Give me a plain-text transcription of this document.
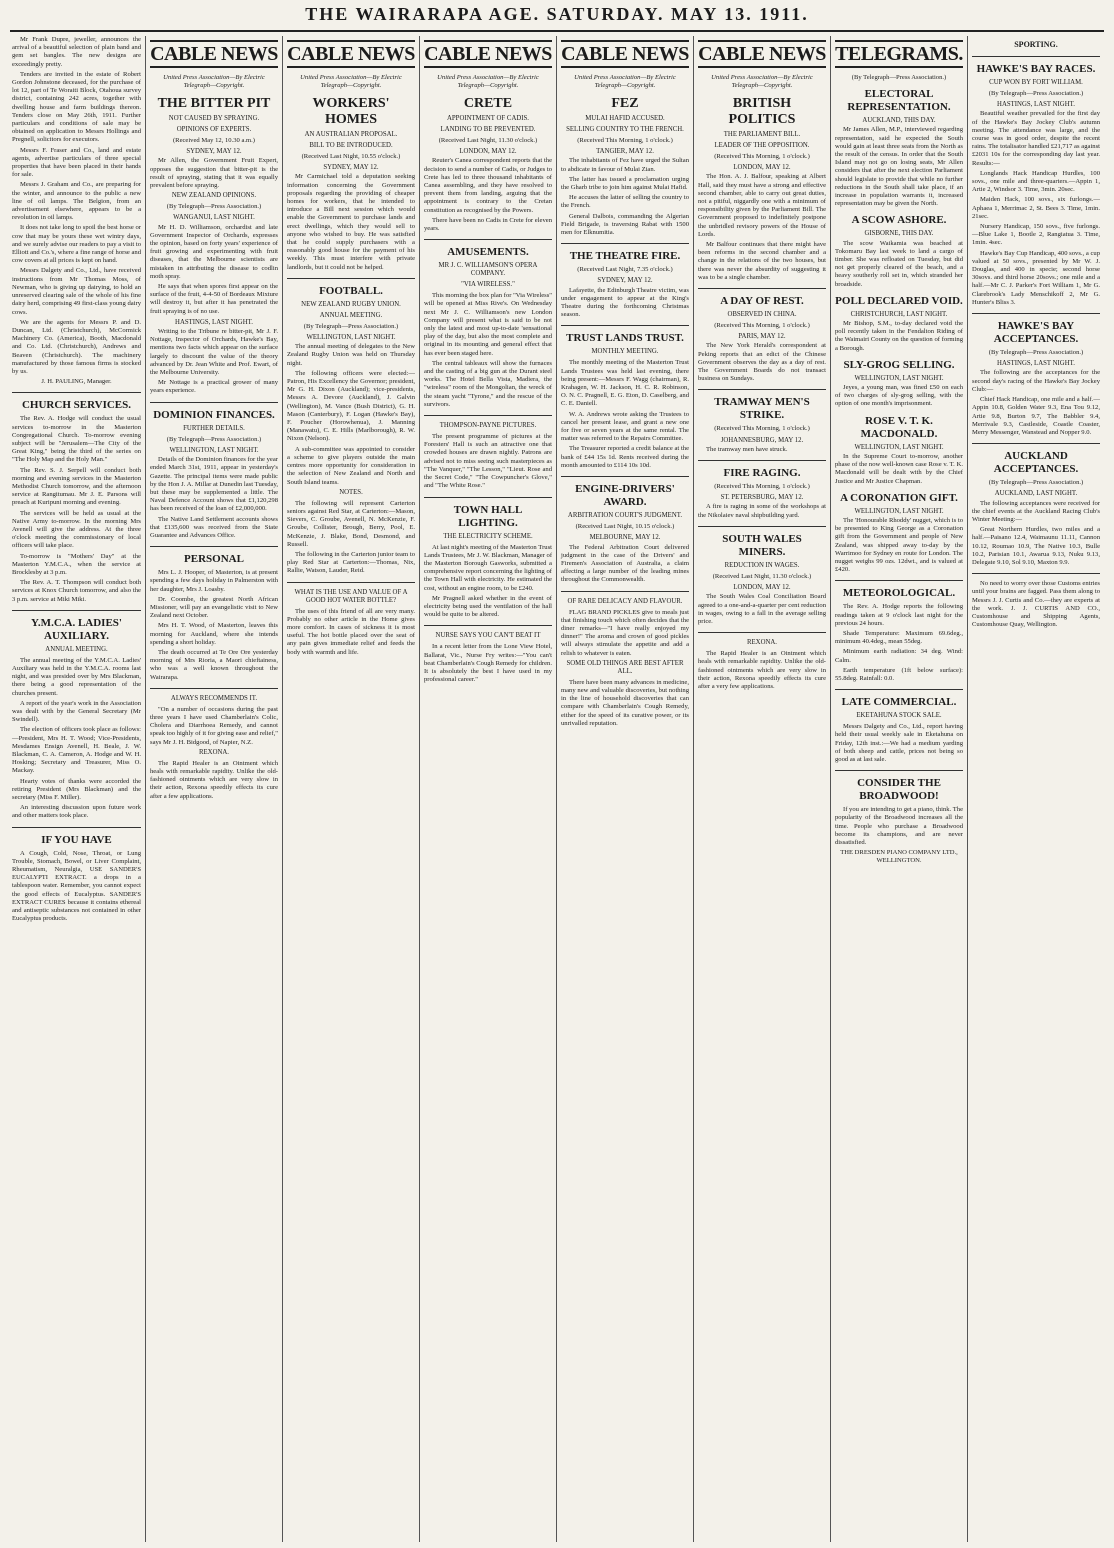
THE WAIRARAPA AGE. SATURDAY. MAY 13. 1911.

Mr Frank Dupre, jeweller, announces the arrival of a beautiful selection of plain band and gem set bangles. The new designs are exceedingly pretty.

Tenders are invited in the estate of Robert Gordon Johnstone deceased, for the purchase of lot 12, part of Te Woraiti Block, Otahoua survey district, containing 242 acres, together with dwelling house and farm buildings thereon. Tenders close on May 26th, 1911. Further particulars and conditions of sale may be obtained on application to Messrs Hollings and Pregnell, solicitors for executors.

Messrs F. Fraser and Co., land and estate agents, advertise particulars of three special properties that have been placed in their hands for sale.

Messrs J. Graham and Co., are preparing for the winter, and announce to the public a new line of oil lamps. The Belgion, from an advertisement elsewhere, appears to be a revolution in oil lamps.

It does not take long to spoil the best horse or cow that may be yours these wet wintry days, and we surely advise our readers to pay a visit to Elliott and Co.'s, where a fine range of horse and cow covers at all prices is kept on hand.

Messrs Dalgety and Co., Ltd., have received instructions from Mr Thomas Moss, of Newman, who is giving up dairying, to hold an unreserved clearing sale of the whole of his fine dairy herd, comprising 49 first-class young dairy cows.

We are the agents for Messrs P. and D. Duncan, Ltd. (Christchurch), McCormick Machinery Co. (America), Booth, Macdonald and Co. Ltd. (Christchurch), Andrews and Beaven (Christchurch). The machinery manufactured by those famous firms is stocked by us.

J. H. PAULING, Manager.
CHURCH SERVICES.

The Rev. A. Hodge will conduct the usual services to-morrow in the Masterton Congregational Church. To-morrow evening subject will be "Jerusalem—The City of the Great King," being the third of the series on "The Holy Map and the Holy Man."

The Rev. S. J. Serpell will conduct both morning and evening services in the Masterton Methodist Church tomorrow, and the afternoon service at Rangitumau. Mr J. E. Parsons will preach at Kuripuni morning and evening.

The services will be held as usual at the Native Army to-morrow. In the morning Mrs Avenell will give the address. At the three o'clock meeting the commissionary of local officers will take place.

To-morrow is "Mothers' Day" at the Masterton Y.M.C.A., when the service at Brocklesby at 3 p.m.

The Rev. A. T. Thompson will conduct both services at Knox Church tomorrow, and also the 3 p.m. service at Miki Miki.

Y.M.C.A. LADIES' AUXILIARY.
ANNUAL MEETING.

The annual meeting of the Y.M.C.A. Ladies' Auxiliary was held in the Y.M.C.A. rooms last night, and was presided over by Mrs Blackman, there being a good representation of the churches present.

A report of the year's work in the Association was dealt with by the General Secretary (Mr Swindell).

The election of officers took place as follows:—President, Mrs H. T. Wood; Vice-Presidents, Mesdames Ensign Avenell, H. Beale, J. W. Blackman, C. A. Cameron, A. Hodge and W. H. Hosking; Secretary and Treasurer, Miss O. Mackay.

Hearty votes of thanks were accorded the retiring President (Mrs Blackman) and the secretary (Miss F. Miller).

An interesting discussion upon future work and other matters took place.

IF YOU HAVE

A Cough, Cold, Nose, Throat, or Lung Trouble, Stomach, Bowel, or Liver Complaint, Rheumatism, Neuralgia, USE SANDER'S EUCALYPTI EXTRACT. a drops in a tablespoon water. Remember, you cannot expect the good effects of Eucalyptus. SANDER'S EXTRACT CURES because it contains ethereal and antiseptic substances not contained in other Eucalyptus products.

CABLE NEWS
United Press Association—By Electric Telegraph—Copyright.
THE BITTER PIT
NOT CAUSED BY SPRAYING.
OPINIONS OF EXPERTS.
(Received May 12, 10.30 a.m.)
SYDNEY, MAY 12.

Mr Allen, the Government Fruit Expert, opposes the suggestion that bitter-pit is the result of spraying, stating that it was equally prevalent before spraying.

NEW ZEALAND OPINIONS.
(By Telegraph—Press Association.)
WANGANUI, LAST NIGHT.

Mr H. D. Williamson, orchardist and late Government Inspector of Orchards, expresses the opinion, based on forty years' experience of fruit growing and experimenting with fruit diseases, that the Melbourne scientists are mistaken in attributing the disease to codlin moth spray.

He says that when spores first appear on the surface of the fruit, 4-4-50 of Bordeaux Mixture will destroy it, but after it has penetrated the fruit spraying is of no use.

HASTINGS, LAST NIGHT.

Writing to the Tribune re bitter-pit, Mr J. F. Nottage, Inspector of Orchards, Hawke's Bay, mentions two facts which appear on the surface largely to discount the value of the theory advanced by Dr. Jean White and Prof. Ewart, of the Melbourne University.

Mr Nottage is a practical grower of many years experience.

DOMINION FINANCES.
FURTHER DETAILS.
(By Telegraph—Press Association.)
WELLINGTON, LAST NIGHT.

Details of the Dominion finances for the year ended March 31st, 1911, appear in yesterday's Gazette. The principal items were made public by the Hon J. A. Millar at Dunedin last Tuesday, but these may be supplemented a little. The Naval Defence Account shows that £1,120,298 has been received of the loan of £2,000,000.

The Native Land Settlement accounts shows that £135,600 was received from the State Guarantee and Advances Office.

PERSONAL

Mrs L. J. Hooper, of Masterton, is at present spending a few days holiday in Palmerston with her daughter, Mrs J. Loasby.

Dr. Coombe, the greatest North African Missioner, will pay an evangelistic visit to New Zealand next October.

Mrs H. T. Wood, of Masterton, leaves this morning for Auckland, where she intends spending a short holiday.

The death occurred at Te Ore Ore yesterday morning of Mrs Rioria, a Maori chieftainess, who was a well known throughout the Wairarapa.

ALWAYS RECOMMENDS IT.

"On a number of occasions during the past three years I have used Chamberlain's Colic, Cholera and Diarrhoea Remedy, and cannot speak too highly of it for giving ease and relief," says Mr J. H. Bidgood, of Napier, N.Z.

REXONA.

The Rapid Healer is an Ointment which heals with remarkable rapidity. Unlike the old-fashioned ointments which are very slow in their action, Rexona speedily effects its cure after a few applications.

CABLE NEWS
United Press Association—By Electric Telegraph—Copyright.
WORKERS' HOMES
AN AUSTRALIAN PROPOSAL.
BILL TO BE INTRODUCED.
(Received Last Night, 10.55 o'clock.)
SYDNEY, MAY 12.

Mr Carmichael told a deputation seeking information concerning the Government proposals regarding the providing of cheaper homes for workers, that he intended to introduce a Bill next session which would enable the Government to purchase lands and erect dwellings, which they would sell to anyone who wished to buy. He was satisfied that he could supply purchasers with a reasonably good house for the payment of his weekly. This must interfere with private landlords, but it could not be helped.

FOOTBALL.
NEW ZEALAND RUGBY UNION.
ANNUAL MEETING.
(By Telegraph—Press Association.)
WELLINGTON, LAST NIGHT.

The annual meeting of delegates to the New Zealand Rugby Union was held on Thursday night.

The following officers were elected:—Patron, His Excellency the Governor; president, Mr G. H. Dixon (Auckland); vice-presidents, Messrs A. Devore (Auckland), J. Galvin (Wellington), M. Vance (Bush District), G. H. Mason (Canterbury), F. Logan (Hawke's Bay), F. Poucher (Horowhenua), J. Manning (Manawatu), C. E. Hills (Marlborough), R. W. Nixon (Nelson).

A sub-committee was appointed to consider a scheme to give players outside the main centres more opportunity for consideration in the selection of New Zealand and North and South Island teams.

NOTES.

The following will represent Carterton seniors against Red Star, at Carterton:—Mason, Sievers, C. Groube, Avenell, N. McKenzie, F. Groube, Collister, Brough, Berry, Pool, E. McKenzie, J. Blake, Bond, Desmond, and Russell.

The following in the Carterton junior team to play Red Star at Carterton:—Thomas, Nix, Rallie, Watson, Lauder, Reid.

WHAT IS THE USE AND VALUE OF A GOOD HOT WATER BOTTLE?

The uses of this friend of all are very many. Probably no other article in the Home gives more comfort. In cases of sickness it is most useful. The hot bottle placed over the seat of any pain gives immediate relief and feeds the body with warmth and life.

CABLE NEWS
United Press Association—By Electric Telegraph—Copyright.
CRETE
APPOINTMENT OF CADIS.
LANDING TO BE PREVENTED.
(Received Last Night, 11.30 o'clock.)
LONDON, MAY 12.

Reuter's Canea correspondent reports that the decision to send a number of Cadis, or Judges to Crete has led to three thousand inhabitants of Canea assembling, and they have resolved to prevent them from landing, arguing that the appointment is contrary to the Cretan constitution as recognised by the Powers.

There have been no Cadis in Crete for eleven years.

AMUSEMENTS.
MR J. C. WILLIAMSON'S OPERA COMPANY.
"VIA WIRELESS."

This morning the box plan for "Via Wireless" will be opened at Miss Rive's. On Wednesday next Mr J. C. Williamson's new London Company will present what is said to be not only the latest and most up-to-date 'sensational play of the day, but also the most complete and original in its mounting and general effect that has ever been staged here.

The central tableaux will show the furnaces and the casting of a big gun at the Durant steel works. The Hotel Bella Vista, Madiera, the "wireless" room of the Mongolian, the wreck of the steam yacht "Tyrone," and the rescue of the survivors.

THOMPSON-PAYNE PICTURES.

The present programme of pictures at the Foresters' Hall is such an attractive one that crowded houses are drawn nightly. Patrons are advised not to miss seeing such masterpieces as "The Vanquer," "The Lesson," "Lieut. Rose and the Secret Code," "The Cowpuncher's Glove," and "The White Rose."

TOWN HALL LIGHTING.
THE ELECTRICITY SCHEME.

At last night's meeting of the Masterton Trust Lands Trustees, Mr J. W. Blackman, Manager of the Masterton Borough Gasworks, submitted a comprehensive report concerning the lighting of the Town Hall with electricity. He estimated the cost, without an engine room, to be £240.

Mr Pragnell asked whether in the event of electricity being used the ventilation of the hall would be quite to be altered.

NURSE SAYS YOU CAN'T BEAT IT

In a recent letter from the Lone View Hotel, Ballarat, Vic., Nurse Fry writes:—"You can't beat Chamberlain's Cough Remedy for children. It is absolutely the best I have used in my professional career."

CABLE NEWS
United Press Association—By Electric Telegraph—Copyright.
FEZ
MULAI HAFID ACCUSED.
SELLING COUNTRY TO THE FRENCH.
(Received This Morning, 1 o'clock.)
TANGIER, MAY 12.

The inhabitants of Fez have urged the Sultan to abdicate in favour of Mulai Zian.

The latter has issued a proclamation urging the Gharb tribe to join him against Mulai Hafid.

He accuses the latter of selling the country to the French.

General Dalbois, commanding the Algerian Field Brigade, is traversing Rabat with 1500 men for Elknumitia.

THE THEATRE FIRE.
(Received Last Night, 7.35 o'clock.)
SYDNEY, MAY 12.

Lafayette, the Edinburgh Theatre victim, was under engagement to appear at the King's Theatre during the forthcoming Christmas season.

TRUST LANDS TRUST.
MONTHLY MEETING.

The monthly meeting of the Masterton Trust Lands Trustees was held last evening, there being present:—Messrs F. Wagg (chairman), R. Krahagen, W. H. Jackson, H. C. R. Robinson, O. N. C. Pragnell, E. G. Eton, D. Caselberg, and C. E. Daniell.

W. A. Andrews wrote asking the Trustees to cancel her present lease, and grant a new one for five or seven years at the same rental. The matter was referred to the Repairs Committee.

The Treasurer reported a credit balance at the bank of £44 15s 1d. Rents received during the month amounted to £114 10s 10d.

ENGINE-DRIVERS' AWARD.
ARBITRATION COURT'S JUDGMENT.
(Received Last Night, 10.15 o'clock.)
MELBOURNE, MAY 12.

The Federal Arbitration Court delivered judgment in the case of the Drivers' and Firemen's Association of Australia, a claim affecting a large number of the leading mines throughout the Commonwealth.

OF RARE DELICACY AND FLAVOUR.

FLAG BRAND PICKLES give to meals just that finishing touch which often decides that the diner remarks—"I have really enjoyed my dinner!" The aroma and crown of good pickles will always stimulate the appetite and add a relish to whatever is eaten.

SOME OLD THINGS ARE BEST AFTER ALL.

There have been many advances in medicine, many new and valuable discoveries, but nothing in the line of household discoveries that can compare with Chamberlain's Cough Remedy, either for the speed of its curative power, or its unrivalled reputation.

CABLE NEWS
United Press Association—By Electric Telegraph—Copyright.
BRITISH POLITICS
THE PARLIAMENT BILL.
LEADER OF THE OPPOSITION.
(Received This Morning, 1 o'clock.)
LONDON, MAY 12.

The Hon. A. J. Balfour, speaking at Albert Hall, said they must have a strong and effective second chamber, able to carry out great duties, not a pitiful, niggardly one with a minimum of responsibility given by the Parliament Bill. The Government proposed to indefinitely postpone the unbridled revisory powers of the House of Lords.

Mr Balfour continues that there might have been reforms in the second chamber and a change in the relations of the two houses, but there was never the absurdity of suggesting it was to be a single chamber.

A DAY OF REST.
OBSERVED IN CHINA.
(Received This Morning, 1 o'clock.)
PARIS, MAY 12.

The New York Herald's correspondent at Peking reports that an edict of the Chinese Government observes the day as a day of rest. The Government Boards do not transact business on Sundays.

TRAMWAY MEN'S STRIKE.
(Received This Morning, 1 o'clock.)
JOHANNESBURG, MAY 12.

The tramway men have struck.

FIRE RAGING.
(Received This Morning, 1 o'clock.)
ST. PETERSBURG, MAY 12.

A fire is raging in some of the workshops at the Nikolaiev naval shipbuilding yard.

SOUTH WALES MINERS.
REDUCTION IN WAGES.
(Received Last Night, 11.30 o'clock.)
LONDON, MAY 12.

The South Wales Coal Conciliation Board agreed to a one-and-a-quarter per cent reduction in wages, owing to a fall in the average selling price.

REXONA.

The Rapid Healer is an Ointment which heals with remarkable rapidity. Unlike the old-fashioned ointments which are very slow in their action, Rexona speedily effects its cure after a very few applications.

TELEGRAMS.
(By Telegraph—Press Association.)
ELECTORAL REPRESENTATION.
AUCKLAND, THIS DAY.

Mr James Allen, M.P., interviewed regarding representation, said he expected the South would gain at least three seats from the North as the result of the census. In order that the South Island may not go on losing seats, Mr Allen considers that after the next election Parliament should legislate to provide that while no further reductions in the South shall take place, if an increase in population warrants it, increased representation may be given the North.

A SCOW ASHORE.
GISBORNE, THIS DAY.

The scow Waikamia was beached at Tokomaru Bay last week to land a cargo of timber. She was refloated on Tuesday, but did not get properly cleared of the beach, and a heavy southerly roll set in, which stranded her broadside.

POLL DECLARED VOID.
CHRISTCHURCH, LAST NIGHT.

Mr Bishop, S.M., to-day declared void the poll recently taken in the Fendalton Riding of the Waimairi County on the question of forming a Borough.

SLY-GROG SELLING.
WELLINGTON, LAST NIGHT.

Jeyes, a young man, was fined £50 on each of two charges of sly-grog selling, with the option of one month's imprisonment.

ROSE V. T. K. MACDONALD.
WELLINGTON, LAST NIGHT.

In the Supreme Court to-morrow, another phase of the now well-known case Rose v. T. K. Macdonald will be dealt with by the Chief Justice and Mr Justice Chapman.

A CORONATION GIFT.
WELLINGTON, LAST NIGHT.

The 'Honourable Rhoddy' nugget, which is to be presented to King George as a Coronation gift from the Government and people of New Zealand, was shipped away to-day by the Warrimoo for Sydney en route for London. The nugget weighs 99 ozs. 12dwt., and is valued at £420.

METEOROLOGICAL.

The Rev. A. Hodge reports the following readings taken at 9 o'clock last night for the previous 24 hours.

Shade Temperature: Maximum 69.6deg., minimum 40.4deg., mean 55deg.

Minimum earth radiation: 34 deg. Wind: Calm.

Earth temperature (1ft below surface): 55.8deg. Rainfall: 0.0.

LATE COMMERCIAL.
EKETAHUNA STOCK SALE.

Messrs Dalgety and Co., Ltd., report having held their usual weekly sale in Eketahuna on Friday, 12th inst.:—We had a medium yarding of both sheep and cattle, prices not being so good as at last sale.

CONSIDER THE BROADWOOD!

If you are intending to get a piano, think. The popularity of the Broadwood increases all the time. People who purchase a Broadwood become its champions, and are never dissatisfied.

THE DRESDEN PIANO COMPANY LTD., WELLINGTON.
SPORTING.
HAWKE'S BAY RACES.
CUP WON BY FORT WILLIAM.
(By Telegraph—Press Association.)
HASTINGS, LAST NIGHT.

Beautiful weather prevailed for the first day of the Hawke's Bay Jockey Club's autumn meeting. The attendance was large, and the course was in good order, despite the recent rains. The totalisator handled £21,717 as against £2031 10s for the corresponding day last year. Results:—

Longlands Hack Handicap Hurdles, 100 sovs., one mile and three-quarters.—Appin 1, Artie 2, Windsor 3. Time, 3min. 20sec.

Maiden Hack, 100 sovs., six furlongs.—Aphaea 1, Merrimac 2, St. Bees 3. Time, 1min. 21sec.

Nursery Handicap, 150 sovs., five furlongs.—Blue Lake 1, Bootle 2, Rangiatua 3. Time, 1min. 4sec.

Hawke's Bay Cup Handicap, 400 sovs., a cup valued at 50 sovs., presented by Mr W. J. Douglas, and 400 in specie; second horse 30sovs. and third horse 20sovs.; one mile and a half.—Mr C. J. Parker's Fort William 1, Mr G. Clarebrook's Lady Menschikoff 2, Mr G. Hunter's Bliss 3.

HAWKE'S BAY ACCEPTANCES.
(By Telegraph—Press Association.)
HASTINGS, LAST NIGHT.

The following are the acceptances for the second day's racing of the Hawke's Bay Jockey Club:—

Chief Hack Handicap, one mile and a half.—Appin 10.8, Golden Water 9.3, Ena Tou 9.12, Artie 9.8, Burton 9.7, The Babbler 9.4, Merrivale 9.3, Castleside, Coastle Coaster, Merry Messenger, Wanstead and Nopper 9.0.

AUCKLAND ACCEPTANCES.
(By Telegraph—Press Association.)
AUCKLAND, LAST NIGHT.

The following acceptances were received for the chief events at the Auckland Racing Club's Winter Meeting:—

Great Northern Hurdles, two miles and a half.—Paisano 12.4, Waimaunu 11.11, Cannon 10.12, Roumao 10.9, The Native 10.3, Bulle 10.2, Parisian 10.1, Awarua 9.13, Nuku 9.13, Delegate 9.10, Sol 9.10, Maxton 9.9.

No need to worry over those Customs entries until your brains are fagged. Pass them along to Messrs J. J. Curtis and Co.—they are experts at the work. J. J. CURTIS AND CO., Customhouse and Shipping Agents, Customhouse Quay, Wellington.
